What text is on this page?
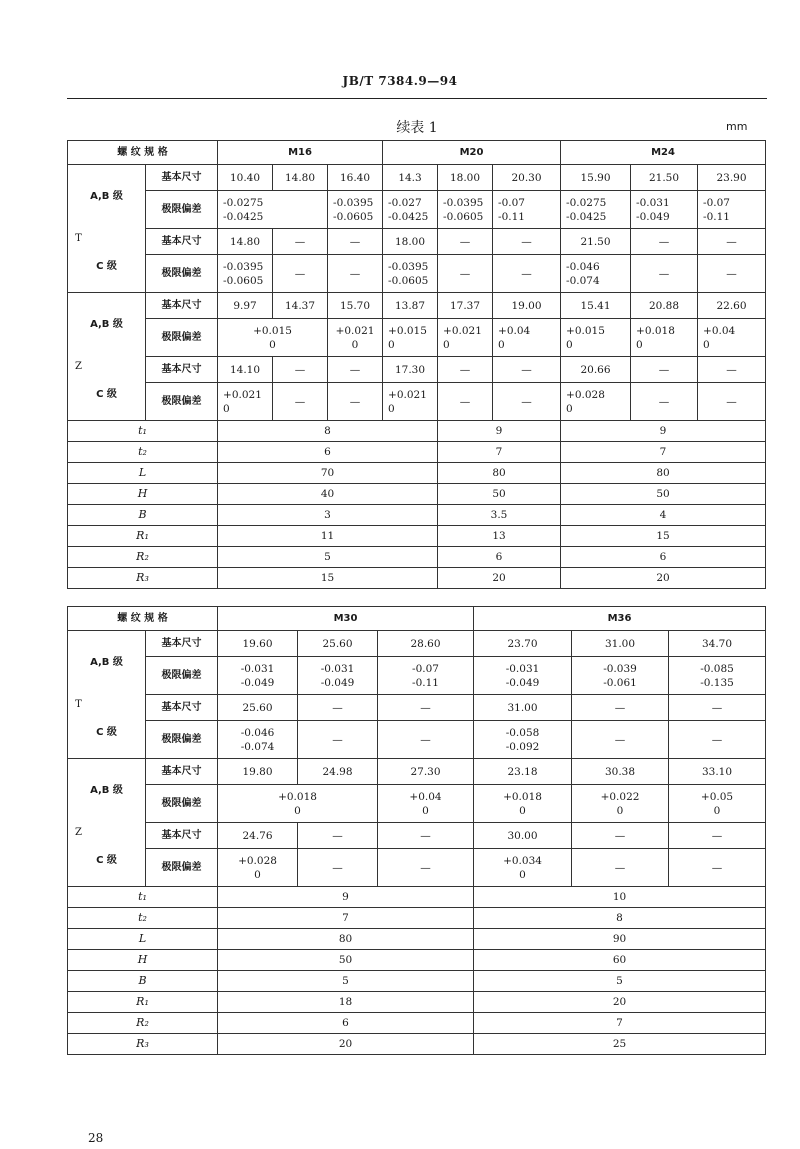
JB/T 7384.9—94
续表 1	mm
螺 纹 规 格		M16			M20			M24		
A,B 级	基本尺寸	10.40	14.80	16.40	14.3	18.00	20.30	15.90	21.50	23.90
	极限偏差	-0.0275
-0.0425		-0.0395
-0.0605	-0.027
-0.0425	-0.0395
-0.0605	-0.07
-0.11	-0.0275
-0.0425	-0.031
-0.049	-0.07
-0.11

T
C 级	基本尺寸	14.80	—	—	18.00	—	—	21.50	—	—
	极限偏差	-0.0395
-0.0605	—	—	-0.0395
-0.0605	—	—	-0.046
-0.074	—	—
A,B 级	基本尺寸	9.97	14.37	15.70	13.87	17.37	19.00	15.41	20.88	22.60
	极限偏差	+0.015
0		+0.021
0	+0.015
0	+0.021
0	+0.04
0	+0.015
0	+0.018
0	+0.04
0

Z
C 级	基本尺寸	14.10	—	—	17.30	—	—	20.66	—	—
	极限偏差	+0.021
0	—	—	+0.021
0	—	—	+0.028
0	—	—
t₁		8				9		9		
t₂		6				7		7		
L		70				80		80		
H		40				50		50		
B		3				3.5		4		
R₁		11				13		15		
R₂		5				6		6		
R₃		15				20		20		
螺 纹 规 格		M30			M36		
A,B 级	基本尺寸	19.60	25.60	28.60	23.70	31.00	34.70
	极限偏差	-0.031
-0.049	-0.031
-0.049	-0.07
-0.11	-0.031
-0.049	-0.039
-0.061	-0.085
-0.135

T
C 级	基本尺寸	25.60	—	—	31.00	—	—
	极限偏差	-0.046
-0.074	—	—	-0.058
-0.092	—	—
A,B 级	基本尺寸	19.80	24.98	27.30	23.18	30.38	33.10
	极限偏差	+0.018
0		+0.04
0	+0.018
0	+0.022
0	+0.05
0

Z
C 级	基本尺寸	24.76	—	—	30.00	—	—
	极限偏差	+0.028
0	—	—	+0.034
0	—	—
t₁		9			10		
t₂		7			8		
L		80			90		
H		50			60		
B		5			5		
R₁		18			20		
R₂		6			7		
R₃		20			25		
28
